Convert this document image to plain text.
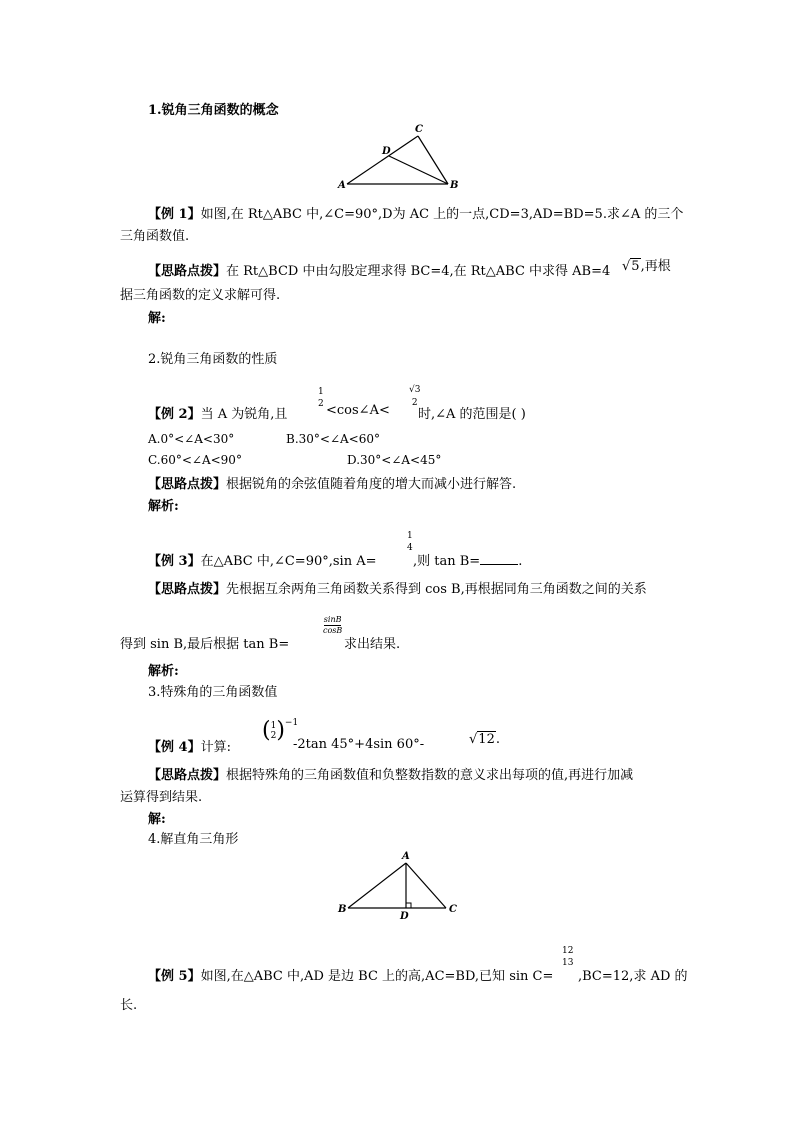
1.锐角三角函数的概念
A	B
C
D
【例 1】如图,在 Rt△ABC 中,∠C=90°,D为 AC 上的一点,CD=3,AD=BD=5.求∠A 的三个
三角函数值.
【思路点拨】在 Rt△BCD 中由勾股定理求得 BC=4,在 Rt△ABC 中求得 AB=4 √5,再根
据三角函数的定义求解可得.
解:
2.锐角三角函数的性质
【例 2】当 A 为锐角,且
1
2 <cos∠A<
√3
2
时,∠A 的范围是( )
A.0°<∠A<30°	B.30°<∠A<60°
C.60°<∠A<90°	D.30°<∠A<45°
【思路点拨】根据锐角的余弦值随着角度的增大而减小进行解答.
解析:
【例 3】在△ABC 中,∠C=90°,sin A=
1
4
,则 tan B=	.
【思路点拨】先根据互余两角三角函数关系得到 cos B,再根据同角三角函数之间的关系
得到 sin B,最后根据 tan B=
sinB
cosB
求出结果.
解析:
3.特殊角的三角函数值
【例 4】计算:
( 1
2 )$^{-1}$
-2tan 45°+4sin 60°-	√12.
【思路点拨】根据特殊角的三角函数值和负整数指数的意义求出每项的值,再进行加减
运算得到结果.
解:
4.解直角三角形
B	C
A
D
【例 5】如图,在△ABC 中,AD 是边 BC 上的高,AC=BD,已知 sin C=
12
13
,BC=12,求 AD 的
长.
